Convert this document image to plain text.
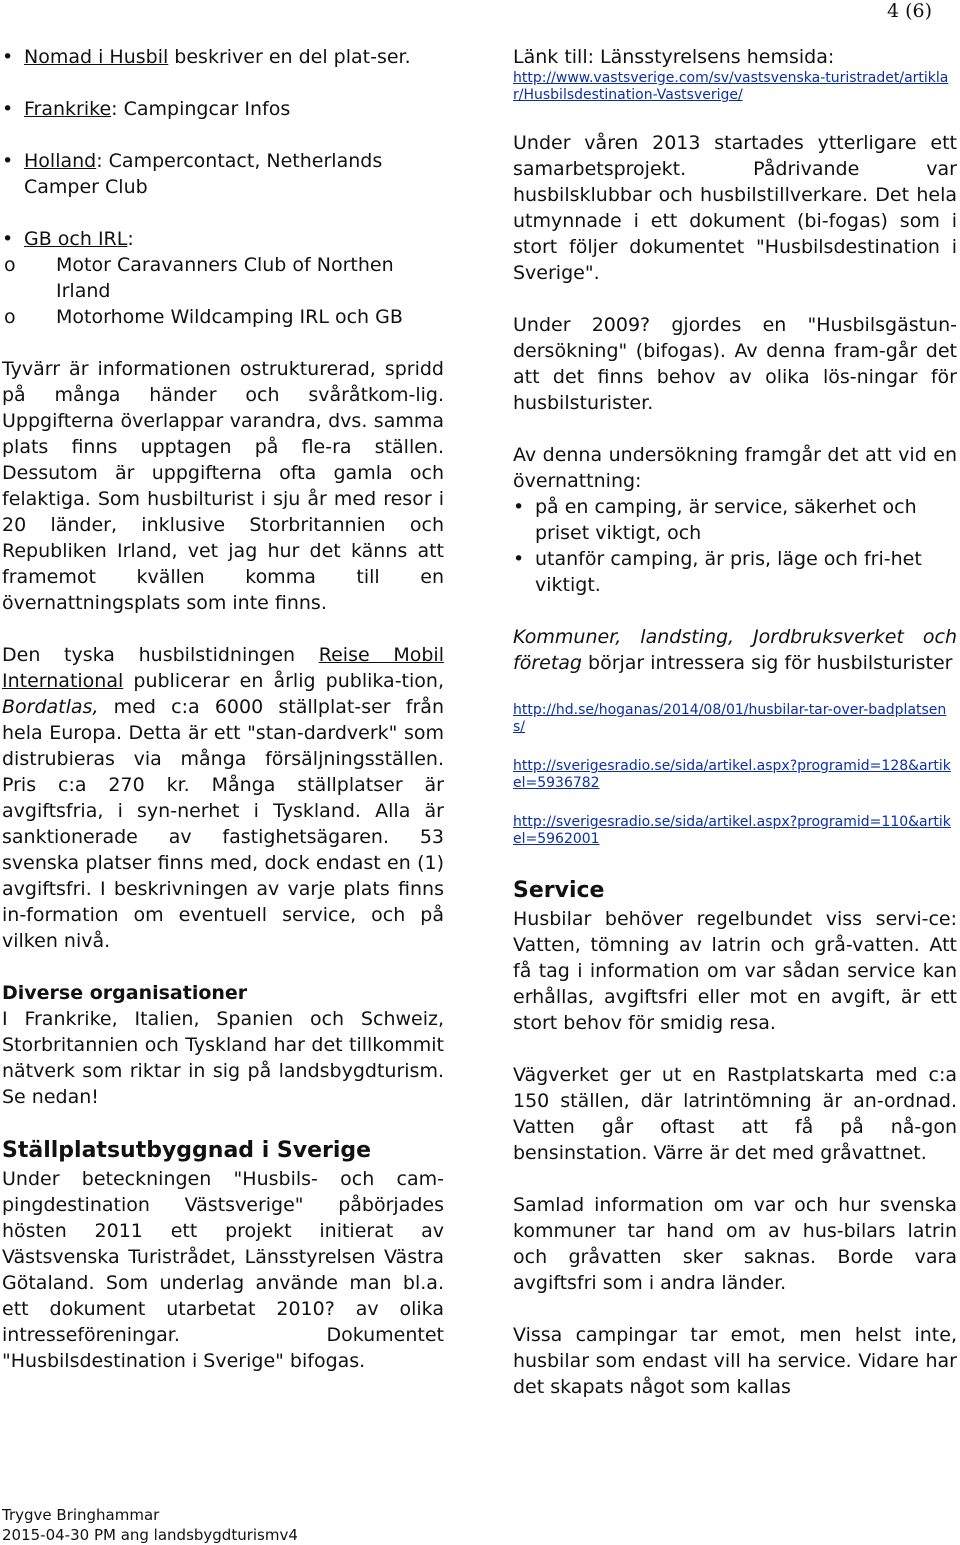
4 (6)
• Nomad i Husbil beskriver en del plat-ser.
• Frankrike: Campingcar Infos
• Holland: Campercontact, Netherlands Camper Club
• GB och IRL:
o Motor Caravanners Club of Northen Irland
o Motorhome Wildcamping IRL och GB

Tyvärr är informationen ostrukturerad, spridd på många händer och svåråtkom-lig. Uppgifterna överlappar varandra, dvs. samma plats finns upptagen på fle-ra ställen. Dessutom är uppgifterna ofta gamla och felaktiga. Som husbilturist i sju år med resor i 20 länder, inklusive Storbritannien och Republiken Irland, vet jag hur det känns att framemot kvällen komma till en övernattningsplats som inte finns.

Den tyska husbilstidningen Reise Mobil International publicerar en årlig publika-tion, Bordatlas, med c:a 6000 ställplat-ser från hela Europa. Detta är ett "stan-dardverk" som distrubieras via många försäljningsställen. Pris c:a 270 kr. Många ställplatser är avgiftsfria, i syn-nerhet i Tyskland. Alla är sanktionerade av fastighetsägaren. 53 svenska platser finns med, dock endast en (1) avgiftsfri. I beskrivningen av varje plats finns in-formation om eventuell service, och på vilken nivå.

Diverse organisationer

I Frankrike, Italien, Spanien och Schweiz, Storbritannien och Tyskland har det tillkommit nätverk som riktar in sig på landsbygdturism. Se nedan!

Ställplatsutbyggnad i Sverige

Under beteckningen "Husbils- och cam-pingdestination Västsverige" påbörjades hösten 2011 ett projekt initierat av Västsvenska Turistrådet, Länsstyrelsen Västra Götaland. Som underlag använde man bl.a. ett dokument utarbetat 2010? av olika intresseföreningar. Dokumentet "Husbilsdestination i Sverige" bifogas.

Länk till: Länsstyrelsens hemsida:
http://www.vastsverige.com/sv/vastsvenska-turistradet/artiklar/Husbilsdestination-Vastsverige/

Under våren 2013 startades ytterligare ett samarbetsprojekt. Pådrivande var husbilsklubbar och husbilstillverkare. Det hela utmynnade i ett dokument (bi-fogas) som i stort följer dokumentet "Husbilsdestination i Sverige".

Under 2009? gjordes en "Husbilsgästun-dersökning" (bifogas). Av denna fram-går det att det finns behov av olika lös-ningar för husbilsturister.

Av denna undersökning framgår det att vid en övernattning:

• på en camping, är service, säkerhet och priset viktigt, och
• utanför camping, är pris, läge och fri-het viktigt.

Kommuner, landsting, Jordbruksverket och företag börjar intressera sig för husbilsturister

http://hd.se/hoganas/2014/08/01/husbilar-tar-over-badplatsens/
http://sverigesradio.se/sida/artikel.aspx?programid=128&artikel=5936782
http://sverigesradio.se/sida/artikel.aspx?programid=110&artikel=5962001
Service

Husbilar behöver regelbundet viss servi-ce: Vatten, tömning av latrin och grå-vatten. Att få tag i information om var sådan service kan erhållas, avgiftsfri eller mot en avgift, är ett stort behov för smidig resa.

Vägverket ger ut en Rastplatskarta med c:a 150 ställen, där latrintömning är an-ordnad. Vatten går oftast att få på nå-gon bensinstation. Värre är det med gråvattnet.

Samlad information om var och hur svenska kommuner tar hand om av hus-bilars latrin och gråvatten sker saknas. Borde vara avgiftsfri som i andra länder.

Vissa campingar tar emot, men helst inte, husbilar som endast vill ha service. Vidare har det skapats något som kallas

Trygve Bringhammar
2015-04-30 PM ang landsbygdturismv4
